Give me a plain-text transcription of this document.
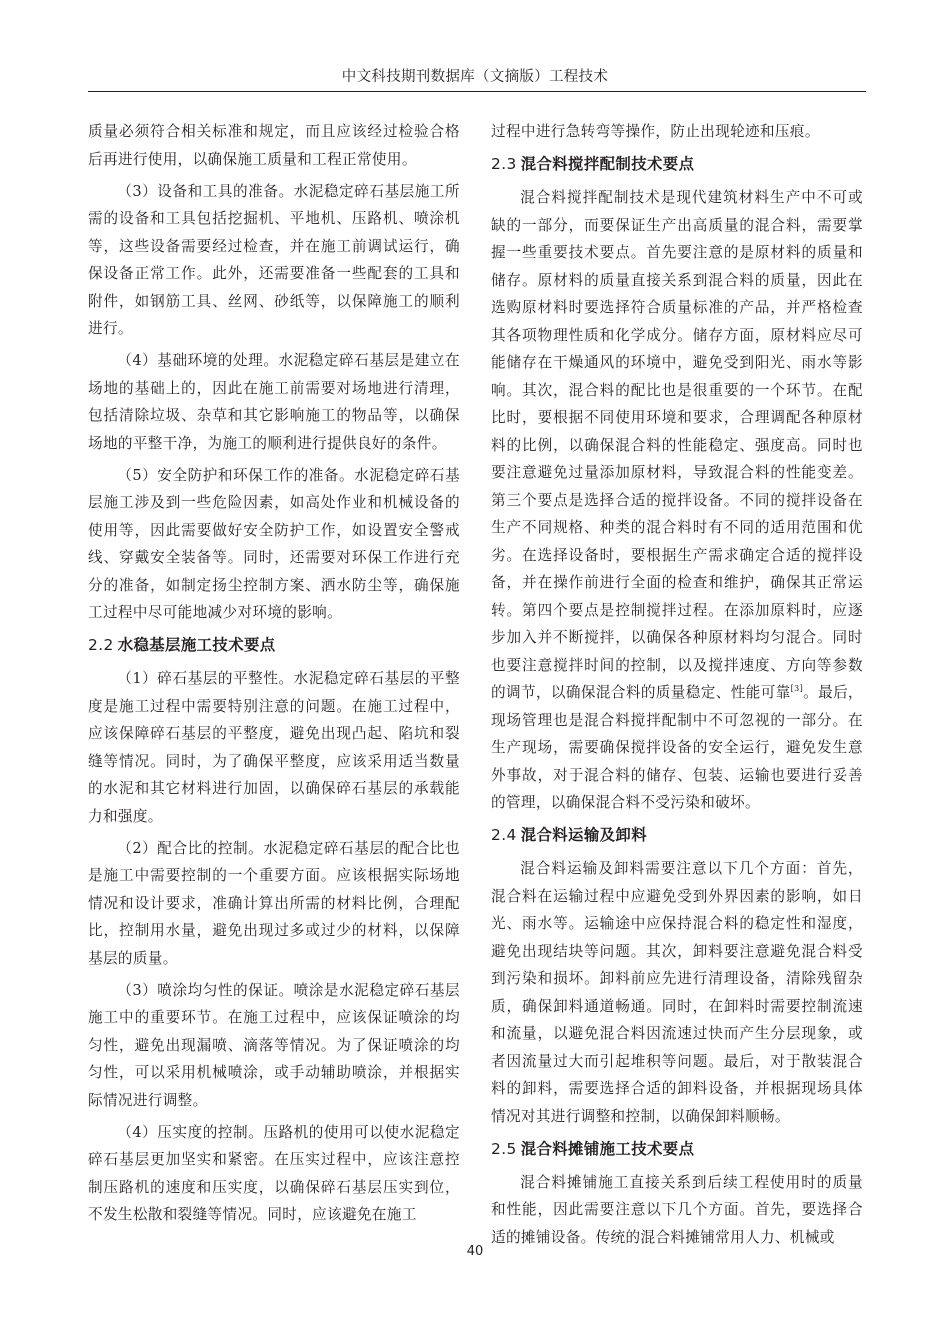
中文科技期刊数据库（文摘版）工程技术

质量必须符合相关标准和规定，而且应该经过检验合格后再进行使用，以确保施工质量和工程正常使用。

（3）设备和工具的准备。水泥稳定碎石基层施工所需的设备和工具包括挖掘机、平地机、压路机、喷涂机等，这些设备需要经过检查，并在施工前调试运行，确保设备正常工作。此外，还需要准备一些配套的工具和附件，如钢筋工具、丝网、砂纸等，以保障施工的顺利进行。

（4）基础环境的处理。水泥稳定碎石基层是建立在场地的基础上的，因此在施工前需要对场地进行清理，包括清除垃圾、杂草和其它影响施工的物品等，以确保场地的平整干净，为施工的顺利进行提供良好的条件。

（5）安全防护和环保工作的准备。水泥稳定碎石基层施工涉及到一些危险因素，如高处作业和机械设备的使用等，因此需要做好安全防护工作，如设置安全警戒线、穿戴安全装备等。同时，还需要对环保工作进行充分的准备，如制定扬尘控制方案、洒水防尘等，确保施工过程中尽可能地减少对环境的影响。

2.2 水稳基层施工技术要点

（1）碎石基层的平整性。水泥稳定碎石基层的平整度是施工过程中需要特别注意的问题。在施工过程中，应该保障碎石基层的平整度，避免出现凸起、陷坑和裂缝等情况。同时，为了确保平整度，应该采用适当数量的水泥和其它材料进行加固，以确保碎石基层的承载能力和强度。

（2）配合比的控制。水泥稳定碎石基层的配合比也是施工中需要控制的一个重要方面。应该根据实际场地情况和设计要求，准确计算出所需的材料比例，合理配比，控制用水量，避免出现过多或过少的材料，以保障基层的质量。

（3）喷涂均匀性的保证。喷涂是水泥稳定碎石基层施工中的重要环节。在施工过程中，应该保证喷涂的均匀性，避免出现漏喷、滴落等情况。为了保证喷涂的均匀性，可以采用机械喷涂，或手动辅助喷涂，并根据实际情况进行调整。

（4）压实度的控制。压路机的使用可以使水泥稳定碎石基层更加坚实和紧密。在压实过程中，应该注意控制压路机的速度和压实度，以确保碎石基层压实到位，不发生松散和裂缝等情况。同时，应该避免在施工

过程中进行急转弯等操作，防止出现轮迹和压痕。

2.3 混合料搅拌配制技术要点

混合料搅拌配制技术是现代建筑材料生产中不可或缺的一部分，而要保证生产出高质量的混合料，需要掌握一些重要技术要点。首先要注意的是原材料的质量和储存。原材料的质量直接关系到混合料的质量，因此在选购原材料时要选择符合质量标准的产品，并严格检查其各项物理性质和化学成分。储存方面，原材料应尽可能储存在干燥通风的环境中，避免受到阳光、雨水等影响。其次，混合料的配比也是很重要的一个环节。在配比时，要根据不同使用环境和要求，合理调配各种原材料的比例，以确保混合料的性能稳定、强度高。同时也要注意避免过量添加原材料，导致混合料的性能变差。第三个要点是选择合适的搅拌设备。不同的搅拌设备在生产不同规格、种类的混合料时有不同的适用范围和优劣。在选择设备时，要根据生产需求确定合适的搅拌设备，并在操作前进行全面的检查和维护，确保其正常运转。第四个要点是控制搅拌过程。在添加原料时，应逐步加入并不断搅拌，以确保各种原材料均匀混合。同时也要注意搅拌时间的控制，以及搅拌速度、方向等参数的调节，以确保混合料的质量稳定、性能可靠[3]。最后，现场管理也是混合料搅拌配制中不可忽视的一部分。在生产现场，需要确保搅拌设备的安全运行，避免发生意外事故，对于混合料的储存、包装、运输也要进行妥善的管理，以确保混合料不受污染和破坏。

2.4 混合料运输及卸料

混合料运输及卸料需要注意以下几个方面：首先，混合料在运输过程中应避免受到外界因素的影响，如日光、雨水等。运输途中应保持混合料的稳定性和湿度，避免出现结块等问题。其次，卸料要注意避免混合料受到污染和损坏。卸料前应先进行清理设备，清除残留杂质，确保卸料通道畅通。同时，在卸料时需要控制流速和流量，以避免混合料因流速过快而产生分层现象，或者因流量过大而引起堆积等问题。最后，对于散装混合料的卸料，需要选择合适的卸料设备，并根据现场具体情况对其进行调整和控制，以确保卸料顺畅。

2.5 混合料摊铺施工技术要点

混合料摊铺施工直接关系到后续工程使用时的质量和性能，因此需要注意以下几个方面。首先，要选择合适的摊铺设备。传统的混合料摊铺常用人力、机械或

40
